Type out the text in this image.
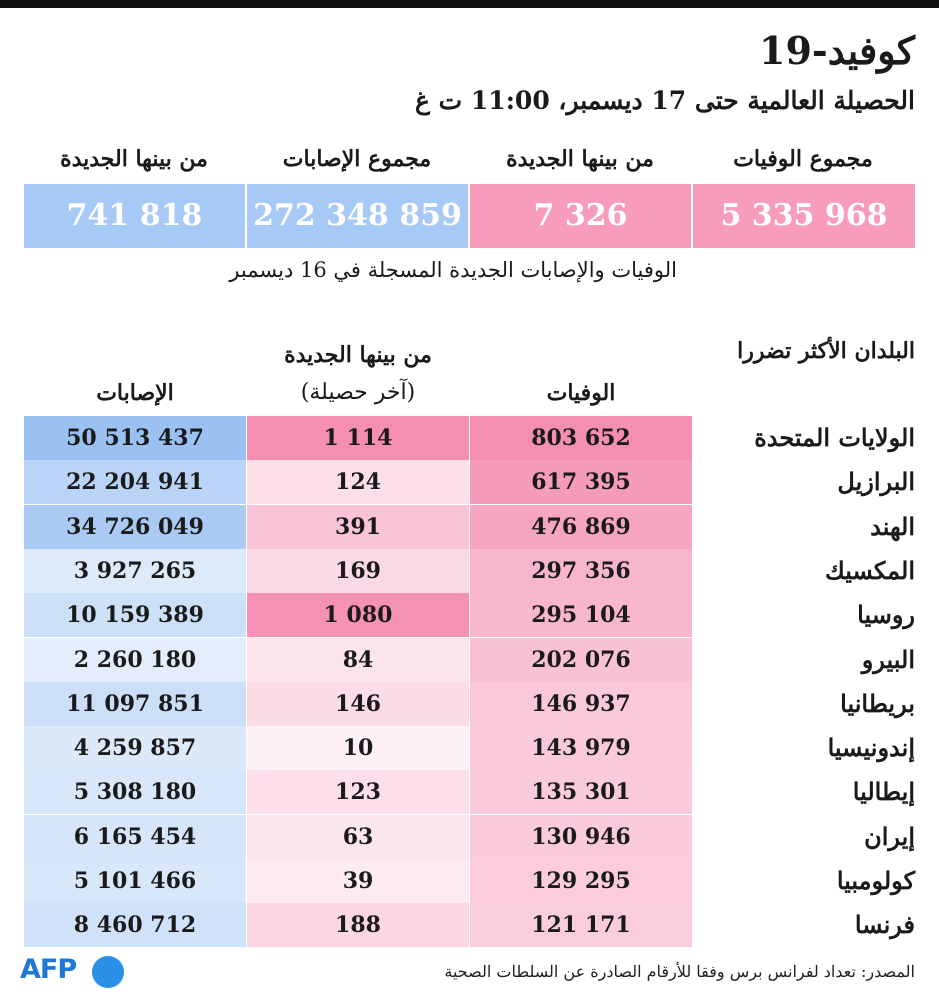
كوفيد-19
الحصيلة العالمية حتى 17 ديسمبر، 11:00 ت غ
مجموع الوفيات
من بينها الجديدة
مجموع الإصابات
من بينها الجديدة
5 335 968
7 326
272 348 859
741 818
الوفيات والإصابات الجديدة المسجلة في 16 ديسمبر
البلدان الأكثر تضررا
الوفيات
من بينها الجديدة
(آخر حصيلة)
الإصابات
الولايات المتحدة
803 652
1 114
50 513 437
البرازيل
617 395
124
22 204 941
الهند
476 869
391
34 726 049
المكسيك
297 356
169
3 927 265
روسيا
295 104
1 080
10 159 389
البيرو
202 076
84
2 260 180
بريطانيا
146 937
146
11 097 851
إندونيسيا
143 979
10
4 259 857
إيطاليا
135 301
123
5 308 180
إيران
130 946
63
6 165 454
كولومبيا
129 295
39
5 101 466
فرنسا
121 171
188
8 460 712
AFP	المصدر: تعداد لفرانس برس وفقا للأرقام الصادرة عن السلطات الصحية
